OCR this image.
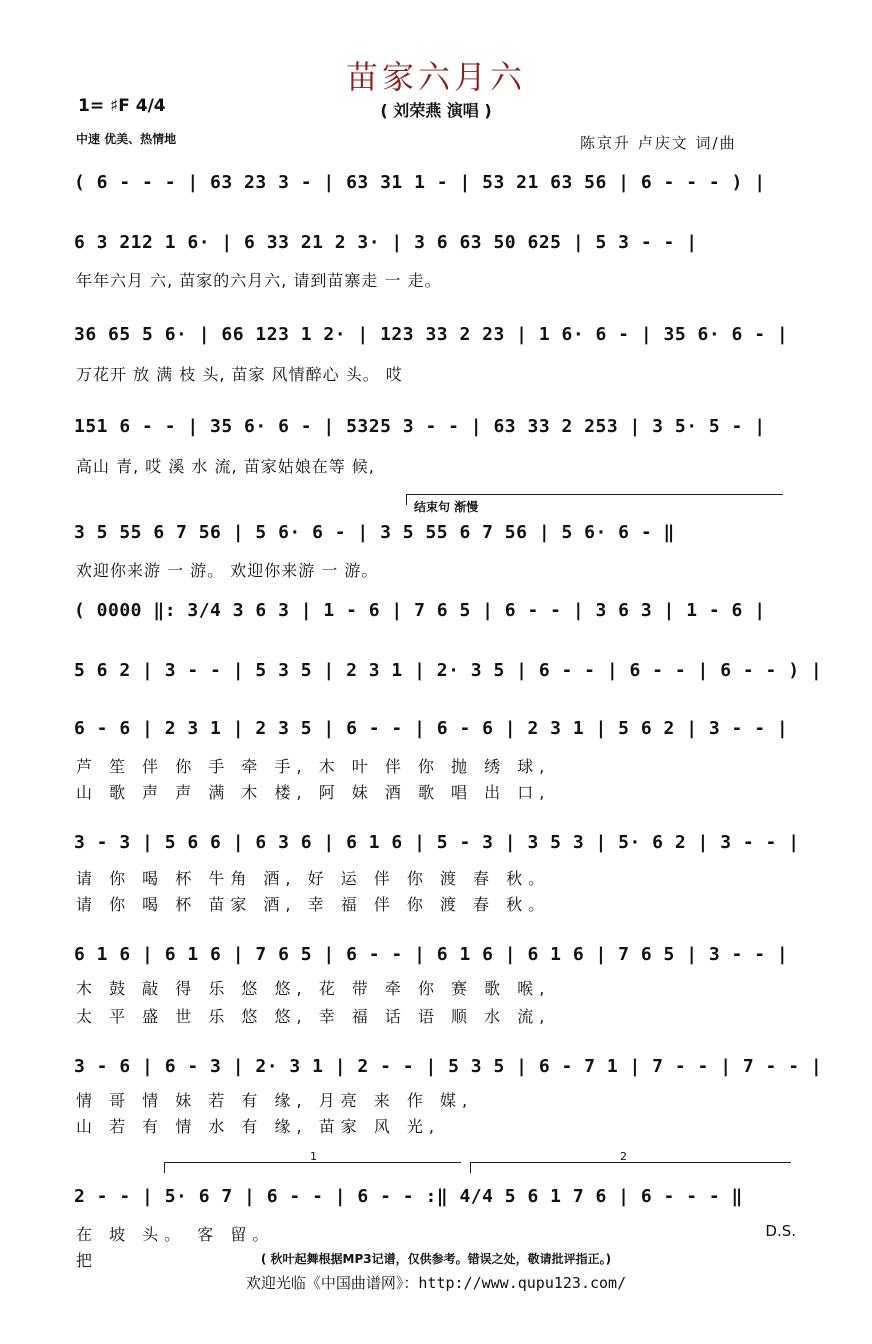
苗家六月六
( 刘荣燕 演唱 )
1= ♯F 4/4
中速 优美、热情地	陈京升 卢庆文 词/曲
( 6 - - - | 63 23 3 - | 63 31 1 - | 53 21 63 56 | 6 - - - ) |
6 3 212 1 6· | 6 33 21 2 3· | 3 6 63 50 625 | 5 3 - - |
年年六月 六, 苗家的六月六, 请到苗寨走 一 走。
36 65 5 6· | 66 123 1 2· | 123 33 2 23 | 1 6· 6 - | 35 6· 6 - |
万花开 放 满 枝 头, 苗家 风情醉心 头。 哎
151 6 - - | 35 6· 6 - | 5325 3 - - | 63 33 2 253 | 3 5· 5 - |
高山 青, 哎 溪 水 流, 苗家姑娘在等 候,
结束句 渐慢
3 5 55 6 7 56 | 5 6· 6 - | 3 5 55 6 7 56 | 5 6· 6 - ‖
欢迎你来游 一 游。 欢迎你来游 一 游。
( 0000 ‖: 3/4 3 6 3 | 1 - 6 | 7 6 5 | 6 - - | 3 6 3 | 1 - 6 |
5 6 2 | 3 - - | 5 3 5 | 2 3 1 | 2· 3 5 | 6 - - | 6 - - | 6 - - ) |
6 - 6 | 2 3 1 | 2 3 5 | 6 - - | 6 - 6 | 2 3 1 | 5 6 2 | 3 - - |
芦 笙 伴 你 手 牵 手, 木 叶 伴 你 抛 绣 球,
山 歌 声 声 满 木 楼, 阿 妹 酒 歌 唱 出 口,
3 - 3 | 5 6 6 | 6 3 6 | 6 1 6 | 5 - 3 | 3 5 3 | 5· 6 2 | 3 - - |
请 你 喝 杯 牛角 酒, 好 运 伴 你 渡 春 秋。
请 你 喝 杯 苗家 酒, 幸 福 伴 你 渡 春 秋。
6 1 6 | 6 1 6 | 7 6 5 | 6 - - | 6 1 6 | 6 1 6 | 7 6 5 | 3 - - |
木 鼓 敲 得 乐 悠 悠, 花 带 牵 你 赛 歌 喉,
太 平 盛 世 乐 悠 悠, 幸 福 话 语 顺 水 流,
3 - 6 | 6 - 3 | 2· 3 1 | 2 - - | 5 3 5 | 6 - 7 1 | 7 - - | 7 - - |
情 哥 情 妹 若 有 缘, 月亮 来 作 媒,
山 若 有 情 水 有 缘, 苗家 风 光,
1	2
2 - - | 5· 6 7 | 6 - - | 6 - - :‖ 4/4 5 6 1 7 6 | 6 - - - ‖
在 坡 头。 客 留。
把
D.S.
( 秋叶起舞根据MP3记谱，仅供参考。错误之处，敬请批评指正。)
欢迎光临《中国曲谱网》：http://www.qupu123.com/
